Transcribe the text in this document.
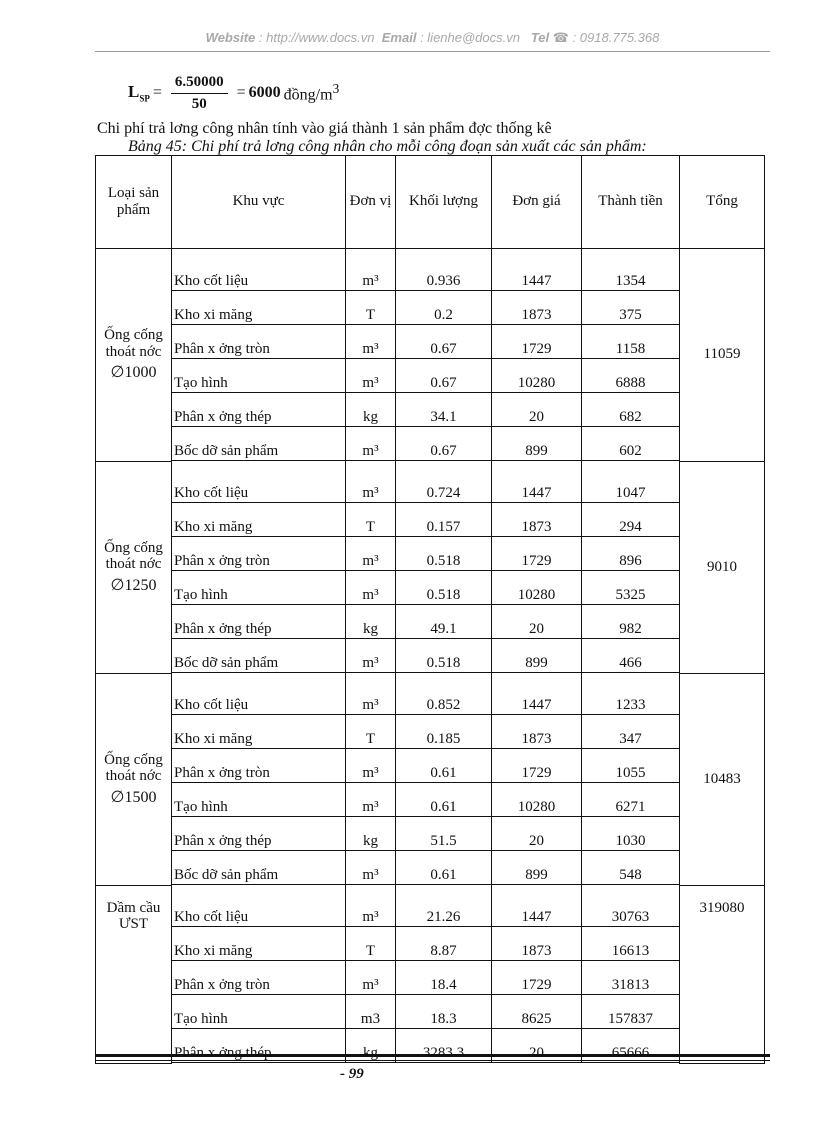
Website : http://www.docs.vn Email : lienhe@docs.vn Tel ☎ : 0918.775.368
$L_{SP} = \frac{6.50000}{50} = 6000$ đồng/$m^3$
Chi phí trả lơng công nhân tính vào giá thành 1 sản phẩm đợc thống kê
Bảng 45: Chi phí trả lơng công nhân cho mỗi công đoạn sản xuất các sản phẩm:
Loại sản phẩm	Khu vực	Đơn vị	Khối lượng	Đơn giá	Thành tiền	Tổng

Ống cống thoát nớc
∅1000	Kho cốt liệu	m³	0.936	1447	1354	11059

	Kho xi măng	T	0.2	1873	375	

	Phân x ởng tròn	m³	0.67	1729	1158	

	Tạo hình	m³	0.67	10280	6888	

	Phân x ởng thép	kg	34.1	20	682	

	Bốc dỡ sản phẩm	m³	0.67	899	602	

Ống cống thoát nớc
∅1250	Kho cốt liệu	m³	0.724	1447	1047	9010

	Kho xi măng	T	0.157	1873	294	

	Phân x ởng tròn	m³	0.518	1729	896	

	Tạo hình	m³	0.518	10280	5325	

	Phân x ởng thép	kg	49.1	20	982	

	Bốc dỡ sản phẩm	m³	0.518	899	466	

Ống cống thoát nớc
∅1500	Kho cốt liệu	m³	0.852	1447	1233	10483

	Kho xi măng	T	0.185	1873	347	

	Phân x ởng tròn	m³	0.61	1729	1055	

	Tạo hình	m³	0.61	10280	6271	

	Phân x ởng thép	kg	51.5	20	1030	

	Bốc dỡ sản phẩm	m³	0.61	899	548	

Dầm cầu ƯST	Kho cốt liệu	m³	21.26	1447	30763	319080

	Kho xi măng	T	8.87	1873	16613	

	Phân x ởng tròn	m³	18.4	1729	31813	

	Tạo hình	m3	18.3	8625	157837	

	Phân x ởng thép	kg	3283.3	20	65666	
- 99
